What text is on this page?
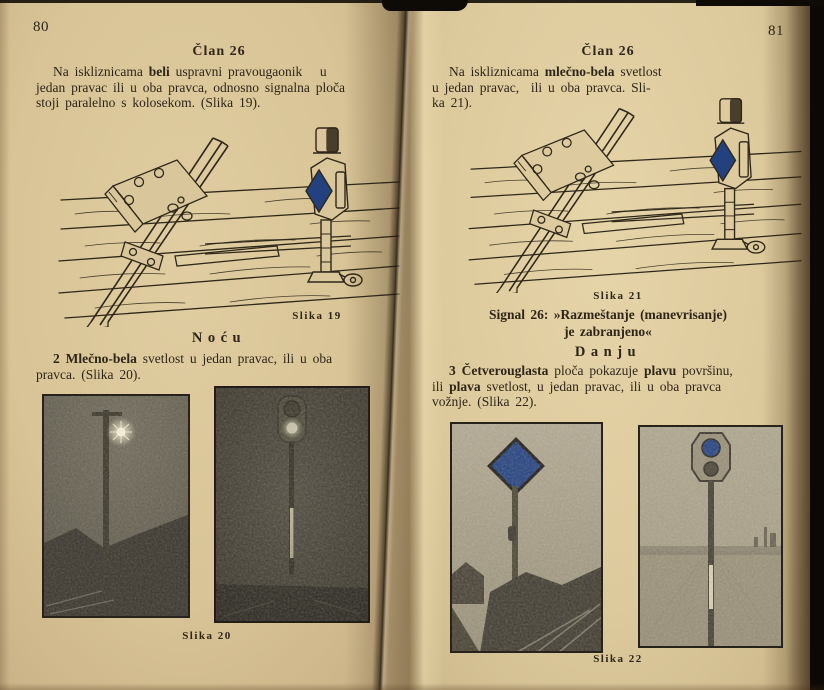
80
Član 26
Na iskliznicama beli uspravni pravougaonik   u
jedan pravac ili u oba pravca, odnosno signalna ploča
stoji paralelno s kolosekom. (Slika 19).
Slika 19
Noću
2 Mlečno-bela svetlost u jedan pravac, ili u oba
pravca. (Slika 20).
Slika 20
81
Član 26
Na iskliznicama mlečno-bela svetlost
u jedan pravac,  ili u oba pravca. Sli-
ka 21).
Slika 21
Signal 26: »Razmeštanje (manevrisanje)
je zabranjeno«
Danju
3 Četverouglasta ploča pokazuje plavu površinu,
ili plava svetlost, u jedan pravac, ili u oba pravca
vožnje. (Slika 22).
Slika 22
